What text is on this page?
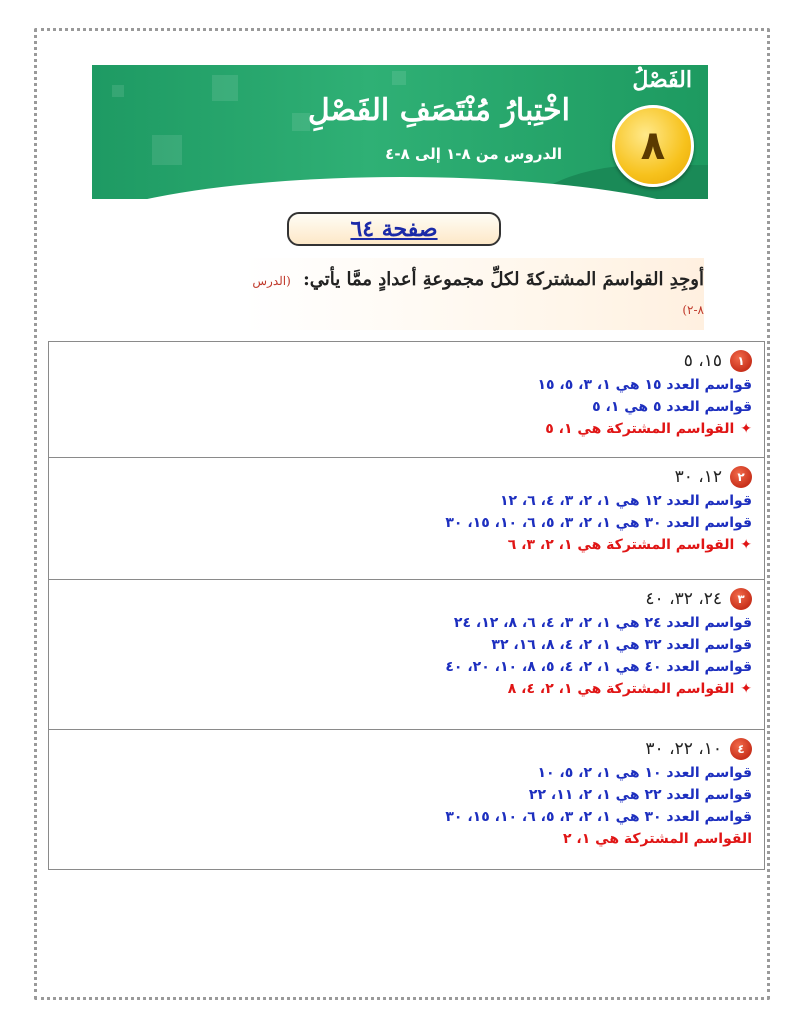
الفَصْلُ
٨
اخْتِبارُ مُنْتَصَفِ الفَصْلِ
الدروس من ٨-١ إلى ٨-٤
صفحة ٦٤
أوجِدِ القواسمَ المشتركةَ لكلِّ مجموعةِ أعدادٍ ممَّا يأتي: (الدرس ٨-٢)
١
١٥، ٥
قواسم العدد ١٥ هي ١، ٣، ٥، ١٥
قواسم العدد ٥ هي ١، ٥
✦القواسم المشتركة هي ١، ٥
٢
١٢، ٣٠
قواسم العدد ١٢ هي ١، ٢، ٣، ٤، ٦، ١٢
قواسم العدد ٣٠ هي ١، ٢، ٣، ٥، ٦، ١٠، ١٥، ٣٠
✦القواسم المشتركة هي ١، ٢، ٣، ٦
٣
٢٤، ٣٢، ٤٠
قواسم العدد ٢٤ هي ١، ٢، ٣، ٤، ٦، ٨، ١٢، ٢٤
قواسم العدد ٣٢ هي ١، ٢، ٤، ٨، ١٦، ٣٢
قواسم العدد ٤٠ هي ١، ٢، ٤، ٥، ٨، ١٠، ٢٠، ٤٠
✦القواسم المشتركة هي ١، ٢، ٤، ٨
٤
١٠، ٢٢، ٣٠
قواسم العدد ١٠ هي ١، ٢، ٥، ١٠
قواسم العدد ٢٢ هي ١، ٢، ١١، ٢٢
قواسم العدد ٣٠ هي ١، ٢، ٣، ٥، ٦، ١٠، ١٥، ٣٠
القواسم المشتركة هي ١، ٢
